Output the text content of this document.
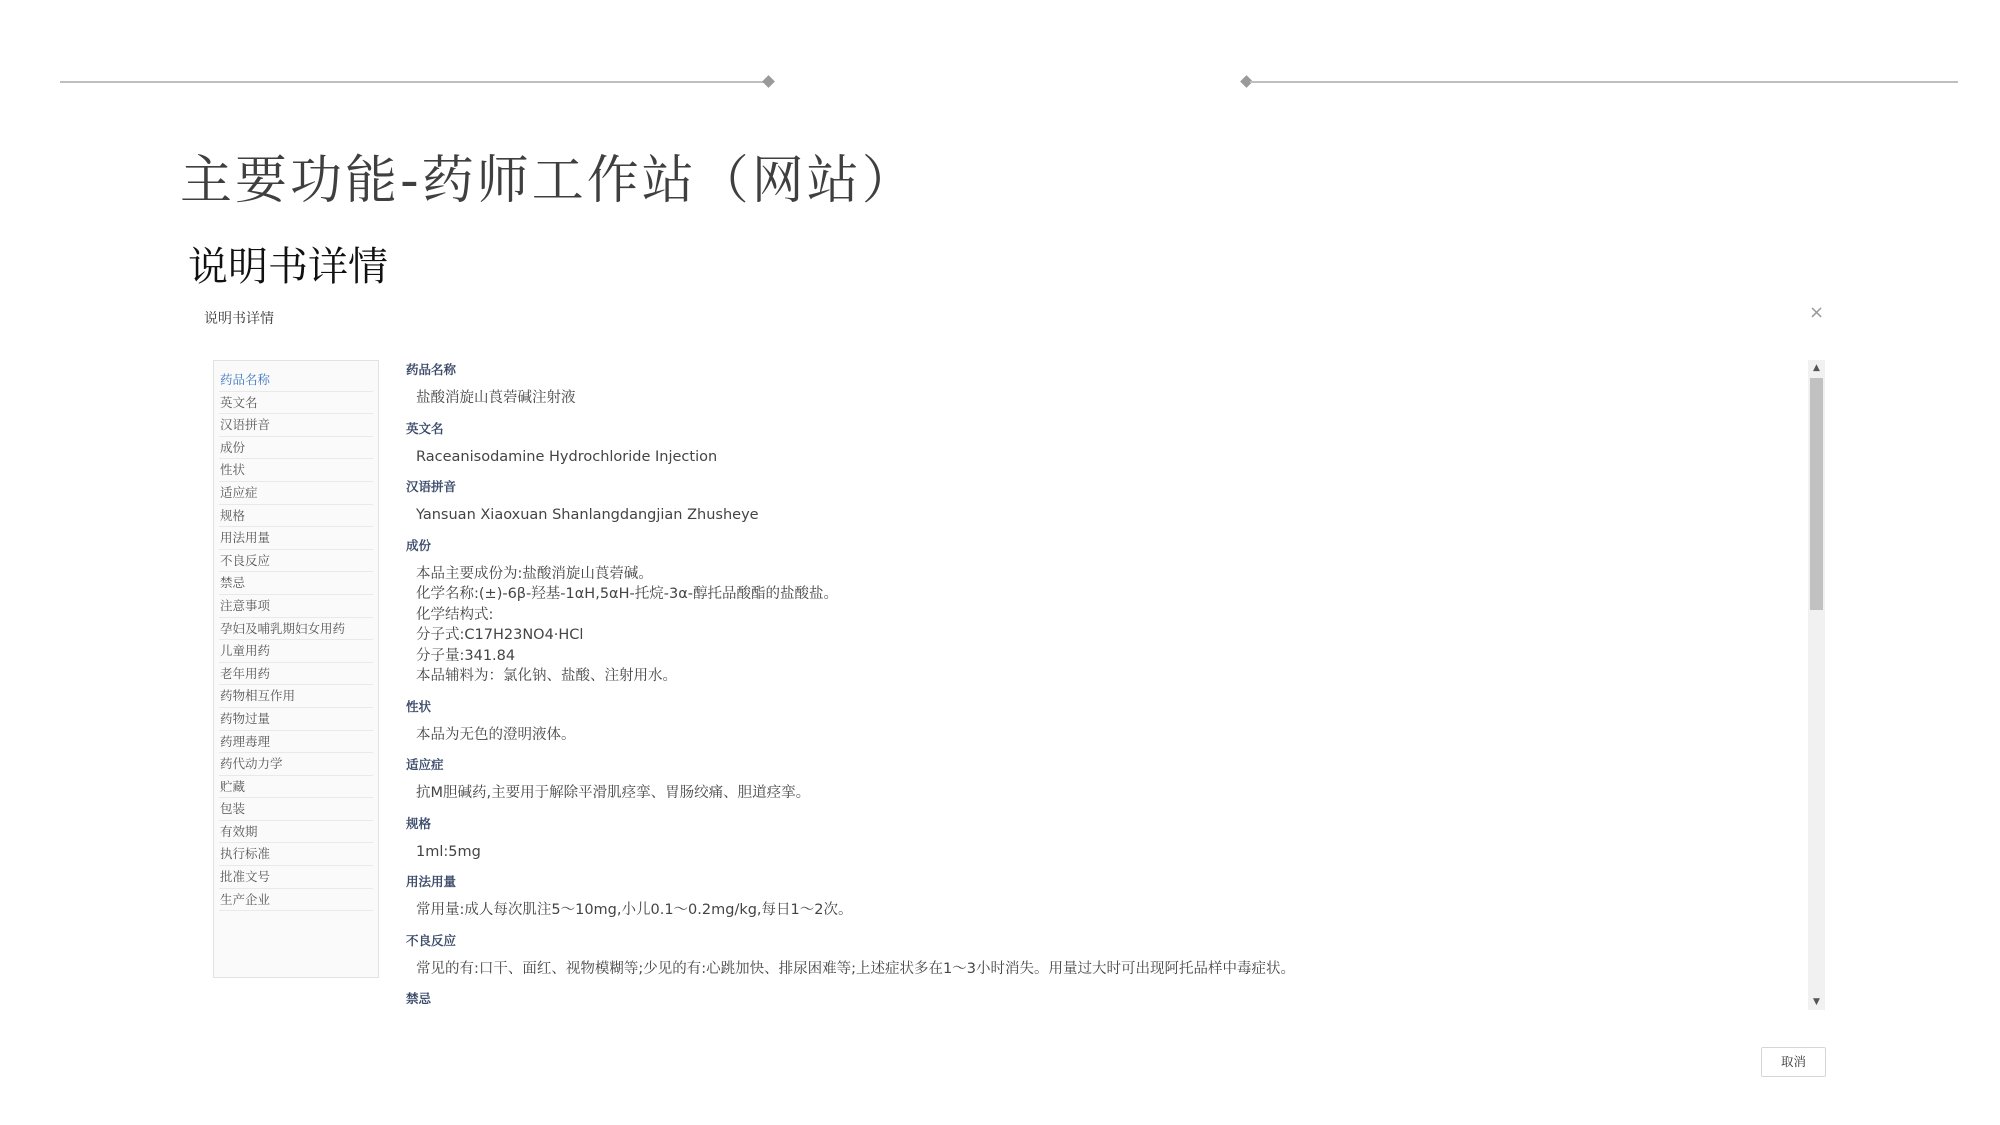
主要功能-药师工作站（网站）
说明书详情
说明书详情	×
药品名称
英文名
汉语拼音
成份
性状
适应症
规格
用法用量
不良反应
禁忌
注意事项
孕妇及哺乳期妇女用药
儿童用药
老年用药
药物相互作用
药物过量
药理毒理
药代动力学
贮藏
包装
有效期
执行标准
批准文号
生产企业
药品名称
盐酸消旋山莨菪碱注射液
英文名
Raceanisodamine Hydrochloride Injection
汉语拼音
Yansuan Xiaoxuan Shanlangdangjian Zhusheye
成份
本品主要成份为:盐酸消旋山莨菪碱。
化学名称:(±)-6β-羟基-1αH,5αH-托烷-3α-醇托品酸酯的盐酸盐。
化学结构式:
分子式:C17H23NO4·HCl
分子量:341.84
本品辅料为：氯化钠、盐酸、注射用水。
性状
本品为无色的澄明液体。
适应症
抗M胆碱药,主要用于解除平滑肌痉挛、胃肠绞痛、胆道痉挛。
规格
1ml:5mg
用法用量
常用量:成人每次肌注5～10mg,小儿0.1～0.2mg/kg,每日1～2次。
不良反应
常见的有:口干、面红、视物模糊等;少见的有:心跳加快、排尿困难等;上述症状多在1～3小时消失。用量过大时可出现阿托品样中毒症状。
禁忌
▲
▼
取消
